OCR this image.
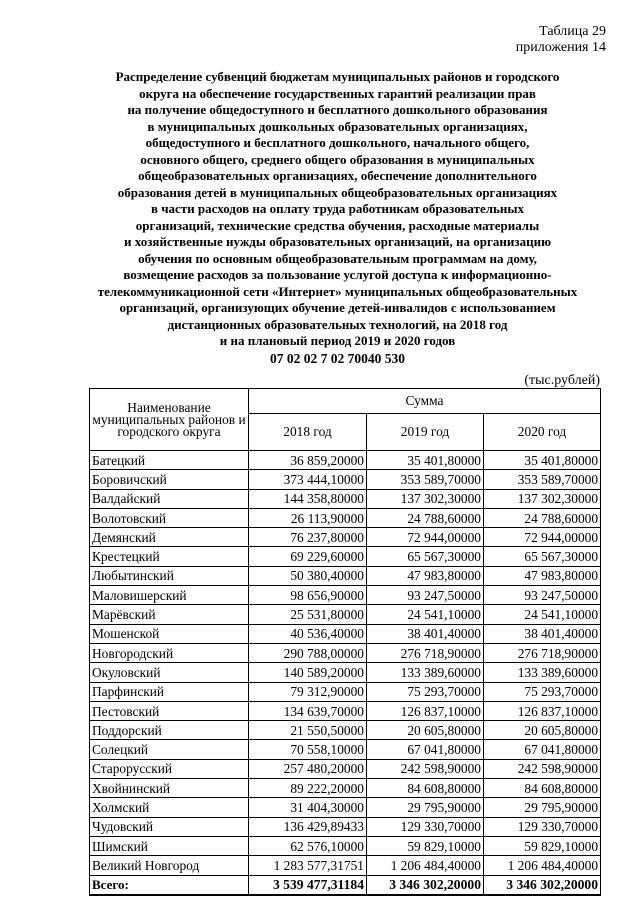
Таблица 29
приложения 14
Распределение субвенций бюджетам муниципальных районов и городского
округа на обеспечение государственных гарантий реализации прав
на получение общедоступного и бесплатного дошкольного образования
в муниципальных дошкольных образовательных организациях,
общедоступного и бесплатного дошкольного, начального общего,
основного общего, среднего общего образования в муниципальных
общеобразовательных организациях, обеспечение дополнительного
образования детей в муниципальных общеобразовательных организациях
в части расходов на оплату труда работникам образовательных
организаций, технические средства обучения, расходные материалы
и хозяйственные нужды образовательных организаций, на организацию
обучения по основным общеобразовательным программам на дому,
возмещение расходов за пользование услугой доступа к информационно-
телекоммуникационной сети «Интернет» муниципальных общеобразовательных
организаций, организующих обучение детей-инвалидов с использованием
дистанционных образовательных технологий, на 2018 год
и на плановый период 2019 и 2020 годов
07 02 02 7 02 70040 530
(тыс.рублей)
Наименование муниципальных районов и городского округа	Сумма		
	2018 год	2019 год	2020 год
Батецкий	36 859,20000	35 401,80000	35 401,80000
Боровичский	373 444,10000	353 589,70000	353 589,70000
Валдайский	144 358,80000	137 302,30000	137 302,30000
Волотовский	26 113,90000	24 788,60000	24 788,60000
Демянский	76 237,80000	72 944,00000	72 944,00000
Крестецкий	69 229,60000	65 567,30000	65 567,30000
Любытинский	50 380,40000	47 983,80000	47 983,80000
Маловишерский	98 656,90000	93 247,50000	93 247,50000
Марёвский	25 531,80000	24 541,10000	24 541,10000
Мошенской	40 536,40000	38 401,40000	38 401,40000
Новгородский	290 788,00000	276 718,90000	276 718,90000
Окуловский	140 589,20000	133 389,60000	133 389,60000
Парфинский	79 312,90000	75 293,70000	75 293,70000
Пестовский	134 639,70000	126 837,10000	126 837,10000
Поддорский	21 550,50000	20 605,80000	20 605,80000
Солецкий	70 558,10000	67 041,80000	67 041,80000
Старорусский	257 480,20000	242 598,90000	242 598,90000
Хвойнинский	89 222,20000	84 608,80000	84 608,80000
Холмский	31 404,30000	29 795,90000	29 795,90000
Чудовский	136 429,89433	129 330,70000	129 330,70000
Шимский	62 576,10000	59 829,10000	59 829,10000
Великий Новгород	1 283 577,31751	1 206 484,40000	1 206 484,40000
Всего:	3 539 477,31184	3 346 302,20000	3 346 302,20000
